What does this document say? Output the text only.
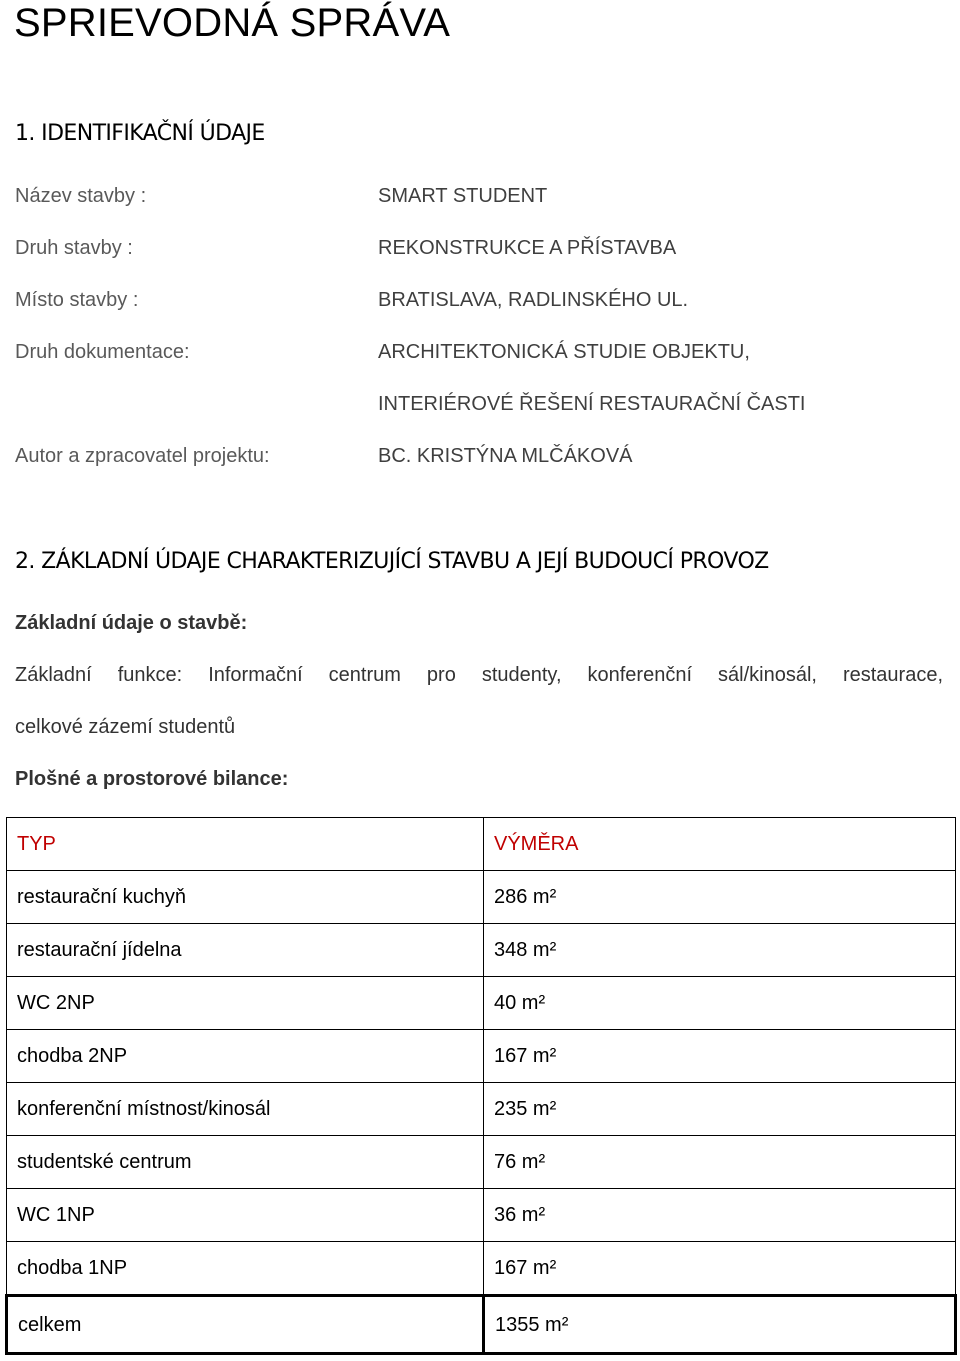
SPRIEVODNÁ SPRÁVA
1. IDENTIFIKAČNÍ ÚDAJE
Název stavby :	SMART STUDENT
Druh stavby :	REKONSTRUKCE A PŘÍSTAVBA
Místo stavby :	BRATISLAVA, RADLINSKÉHO UL.
Druh dokumentace:	ARCHITEKTONICKÁ STUDIE OBJEKTU,
INTERIÉROVÉ ŘEŠENÍ RESTAURAČNÍ ČASTI
Autor a zpracovatel projektu:	BC. KRISTÝNA MLČÁKOVÁ
2. ZÁKLADNÍ ÚDAJE CHARAKTERIZUJÍCÍ STAVBU A JEJÍ BUDOUCÍ PROVOZ
Základní údaje o stavbě:
Základní funkce: Informační centrum pro studenty, konferenční sál/kinosál, restaurace,
celkové zázemí studentů
Plošné a prostorové bilance:
TYP	VÝMĚRA
restaurační kuchyň	286 m²
restaurační jídelna	348 m²
WC 2NP	40 m²
chodba 2NP	167 m²
konferenční místnost/kinosál	235 m²
studentské centrum	76 m²
WC 1NP	36 m²
chodba 1NP	167 m²
celkem	1355 m²
